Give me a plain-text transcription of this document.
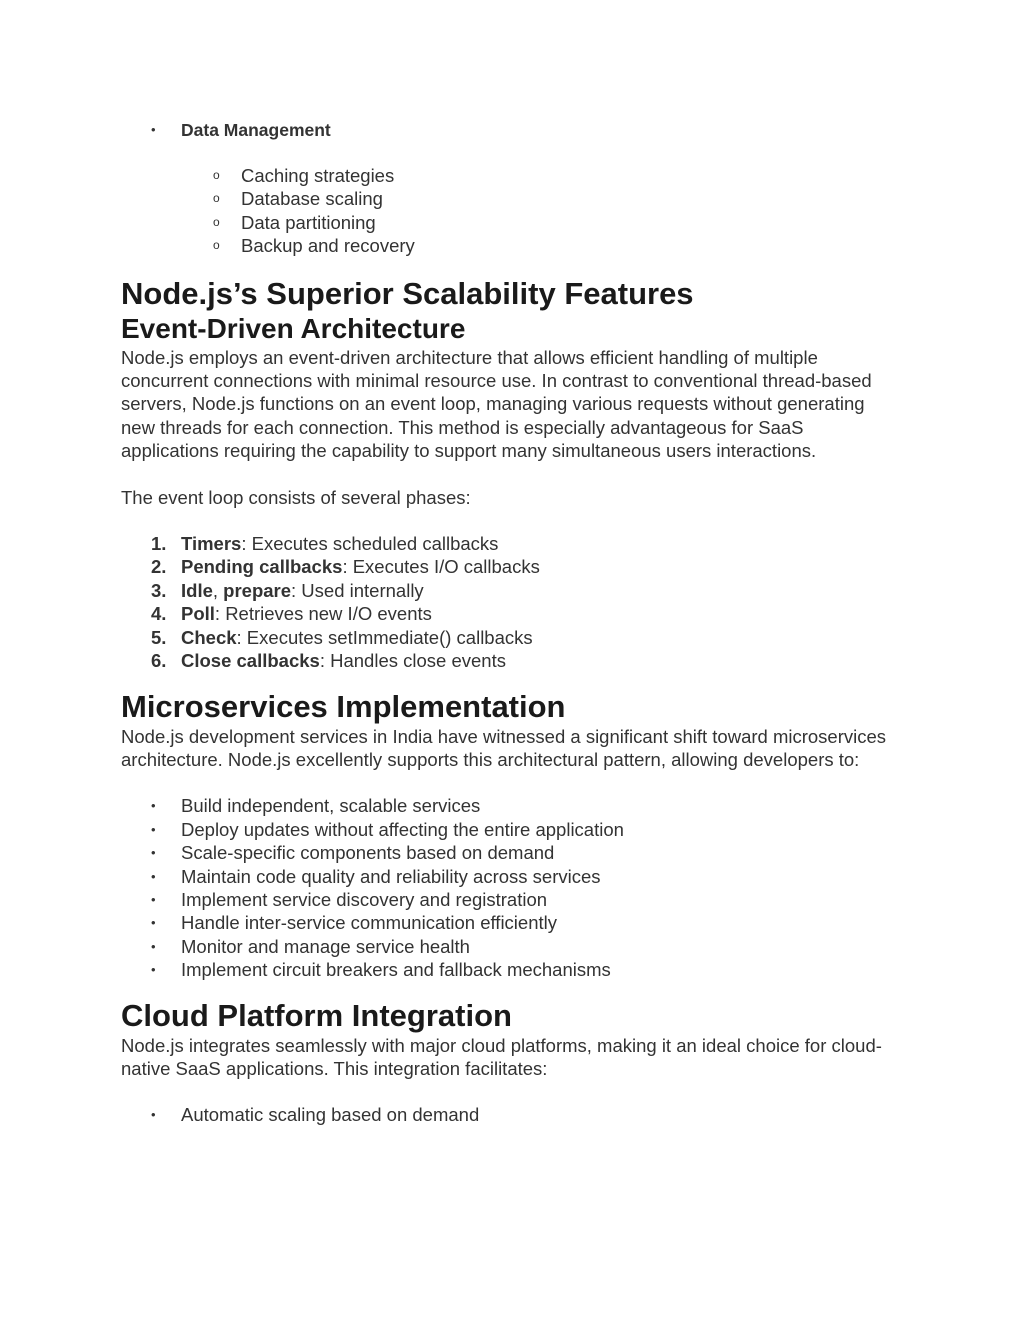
• Data Management
o Caching strategies
o Database scaling
o Data partitioning
o Backup and recovery
Node.js’s Superior Scalability Features
Event-Driven Architecture

Node.js employs an event-driven architecture that allows efficient handling of multiple concurrent connections with minimal resource use. In contrast to conventional thread-based servers, Node.js functions on an event loop, managing various requests without generating new threads for each connection. This method is especially advantageous for SaaS applications requiring the capability to support many simultaneous users interactions.

The event loop consists of several phases:

1. Timers: Executes scheduled callbacks
2. Pending callbacks: Executes I/O callbacks
3. Idle, prepare: Used internally
4. Poll: Retrieves new I/O events
5. Check: Executes setImmediate() callbacks
6. Close callbacks: Handles close events
Microservices Implementation

Node.js development services in India have witnessed a significant shift toward microservices architecture. Node.js excellently supports this architectural pattern, allowing developers to:

• Build independent, scalable services
• Deploy updates without affecting the entire application
• Scale-specific components based on demand
• Maintain code quality and reliability across services
• Implement service discovery and registration
• Handle inter-service communication efficiently
• Monitor and manage service health
• Implement circuit breakers and fallback mechanisms
Cloud Platform Integration

Node.js integrates seamlessly with major cloud platforms, making it an ideal choice for cloud-native SaaS applications. This integration facilitates:

• Automatic scaling based on demand
